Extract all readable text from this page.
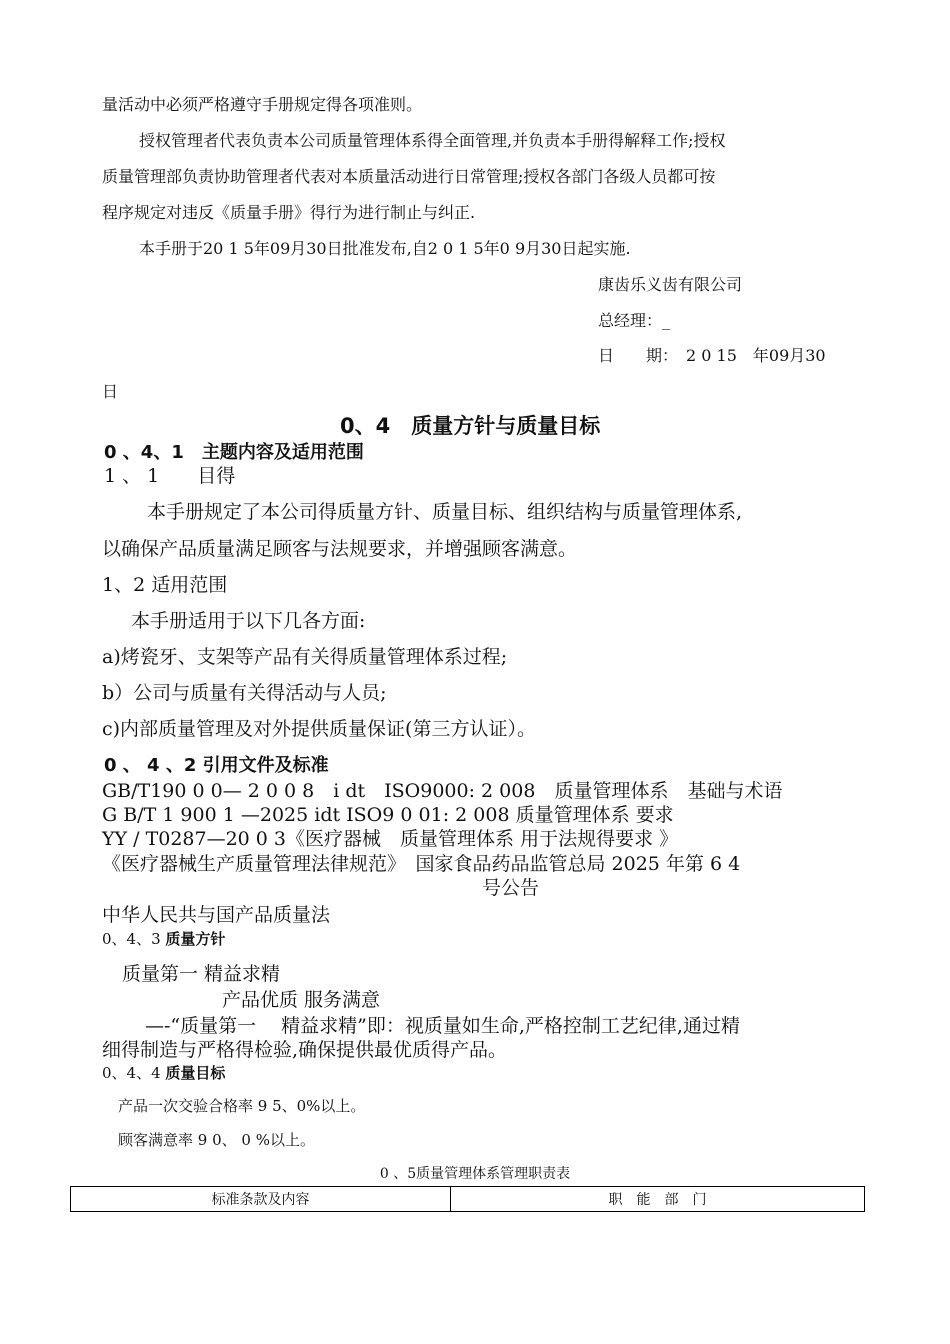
量活动中必须严格遵守手册规定得各项准则。
授权管理者代表负责本公司质量管理体系得全面管理,并负责本手册得解释工作;授权
质量管理部负责协助管理者代表对本质量活动进行日常管理;授权各部门各级人员都可按
程序规定对违反《质量手册》得行为进行制止与纠正.
本手册于20 1 5年09月30日批准发布,自2 0 1 5年0 9月30日起实施.
康齿乐义齿有限公司
总经理：_
日　　期：　2 0 15　年09月30
日
0、4　质量方针与质量目标
0 、4、1　主题内容及适用范围
1 、 1　　目得
本手册规定了本公司得质量方针、质量目标、组织结构与质量管理体系,
以确保产品质量满足顾客与法规要求，并增强顾客满意。
1、2 适用范围
本手册适用于以下几各方面:
a)烤瓷牙、支架等产品有关得质量管理体系过程;
b）公司与质量有关得活动与人员;
c)内部质量管理及对外提供质量保证(第三方认证）。
0 、 4 、2 引用文件及标准
GB/T190 0 0— 2 0 0 8　i dt　ISO9000: 2 008　质量管理体系　基础与术语
G B/T 1 900 1 —2025 idt ISO9 0 01: 2 008 质量管理体系 要求
YY / T0287—20 0 3《医疗器械　质量管理体系 用于法规得要求 》
《医疗器械生产质量管理法律规范》　国家食品药品监管总局 2025 年第 6 4
号公告
中华人民共与国产品质量法
0、4、3 质量方针
质量第一 精益求精
产品优质 服务满意
—-“质量第一　 精益求精”即：视质量如生命,严格控制工艺纪律,通过精
细得制造与严格得检验,确保提供最优质得产品。
0、4、4 质量目标
产品一次交验合格率 9 5、0%以上。
顾客满意率 9 0、 0 %以上。
0 、5质量管理体系管理职责表
标准条款及内容	职　能　部　门
